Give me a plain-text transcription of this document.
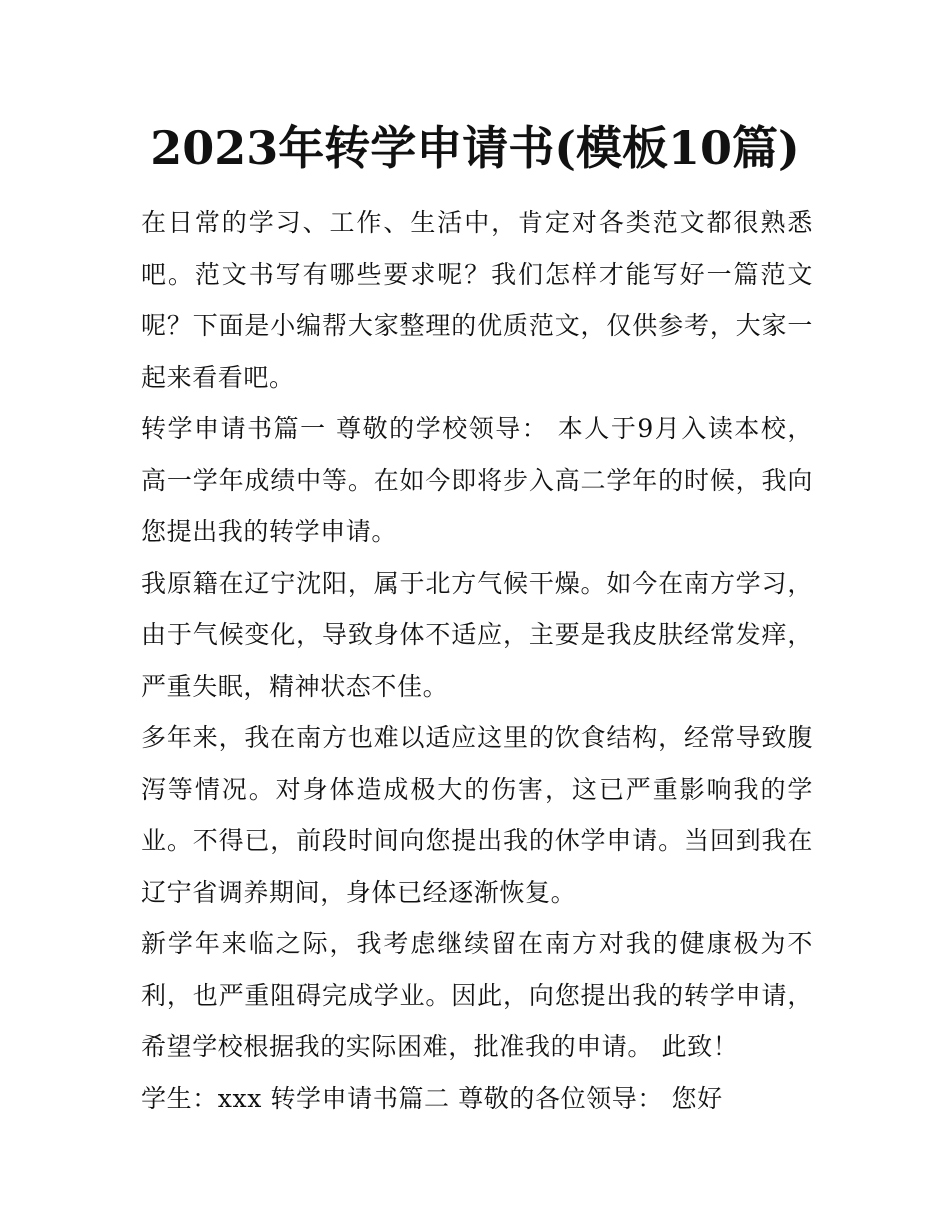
2023年转学申请书(模板10篇)

在日常的学习、工作、生活中，肯定对各类范文都很熟悉吧。范文书写有哪些要求呢？我们怎样才能写好一篇范文呢？下面是小编帮大家整理的优质范文，仅供参考，大家一起来看看吧。

转学申请书篇一 尊敬的学校领导： 本人于9月入读本校，高一学年成绩中等。在如今即将步入高二学年的时候，我向您提出我的转学申请。

我原籍在辽宁沈阳，属于北方气候干燥。如今在南方学习，由于气候变化，导致身体不适应，主要是我皮肤经常发痒，严重失眠，精神状态不佳。

多年来，我在南方也难以适应这里的饮食结构，经常导致腹泻等情况。对身体造成极大的伤害，这已严重影响我的学业。不得已，前段时间向您提出我的休学申请。当回到我在辽宁省调养期间，身体已经逐渐恢复。

新学年来临之际，我考虑继续留在南方对我的健康极为不利，也严重阻碍完成学业。因此，向您提出我的转学申请，希望学校根据我的实际困难，批准我的申请。 此致！

学生：xxx 转学申请书篇二 尊敬的各位领导： 您好
